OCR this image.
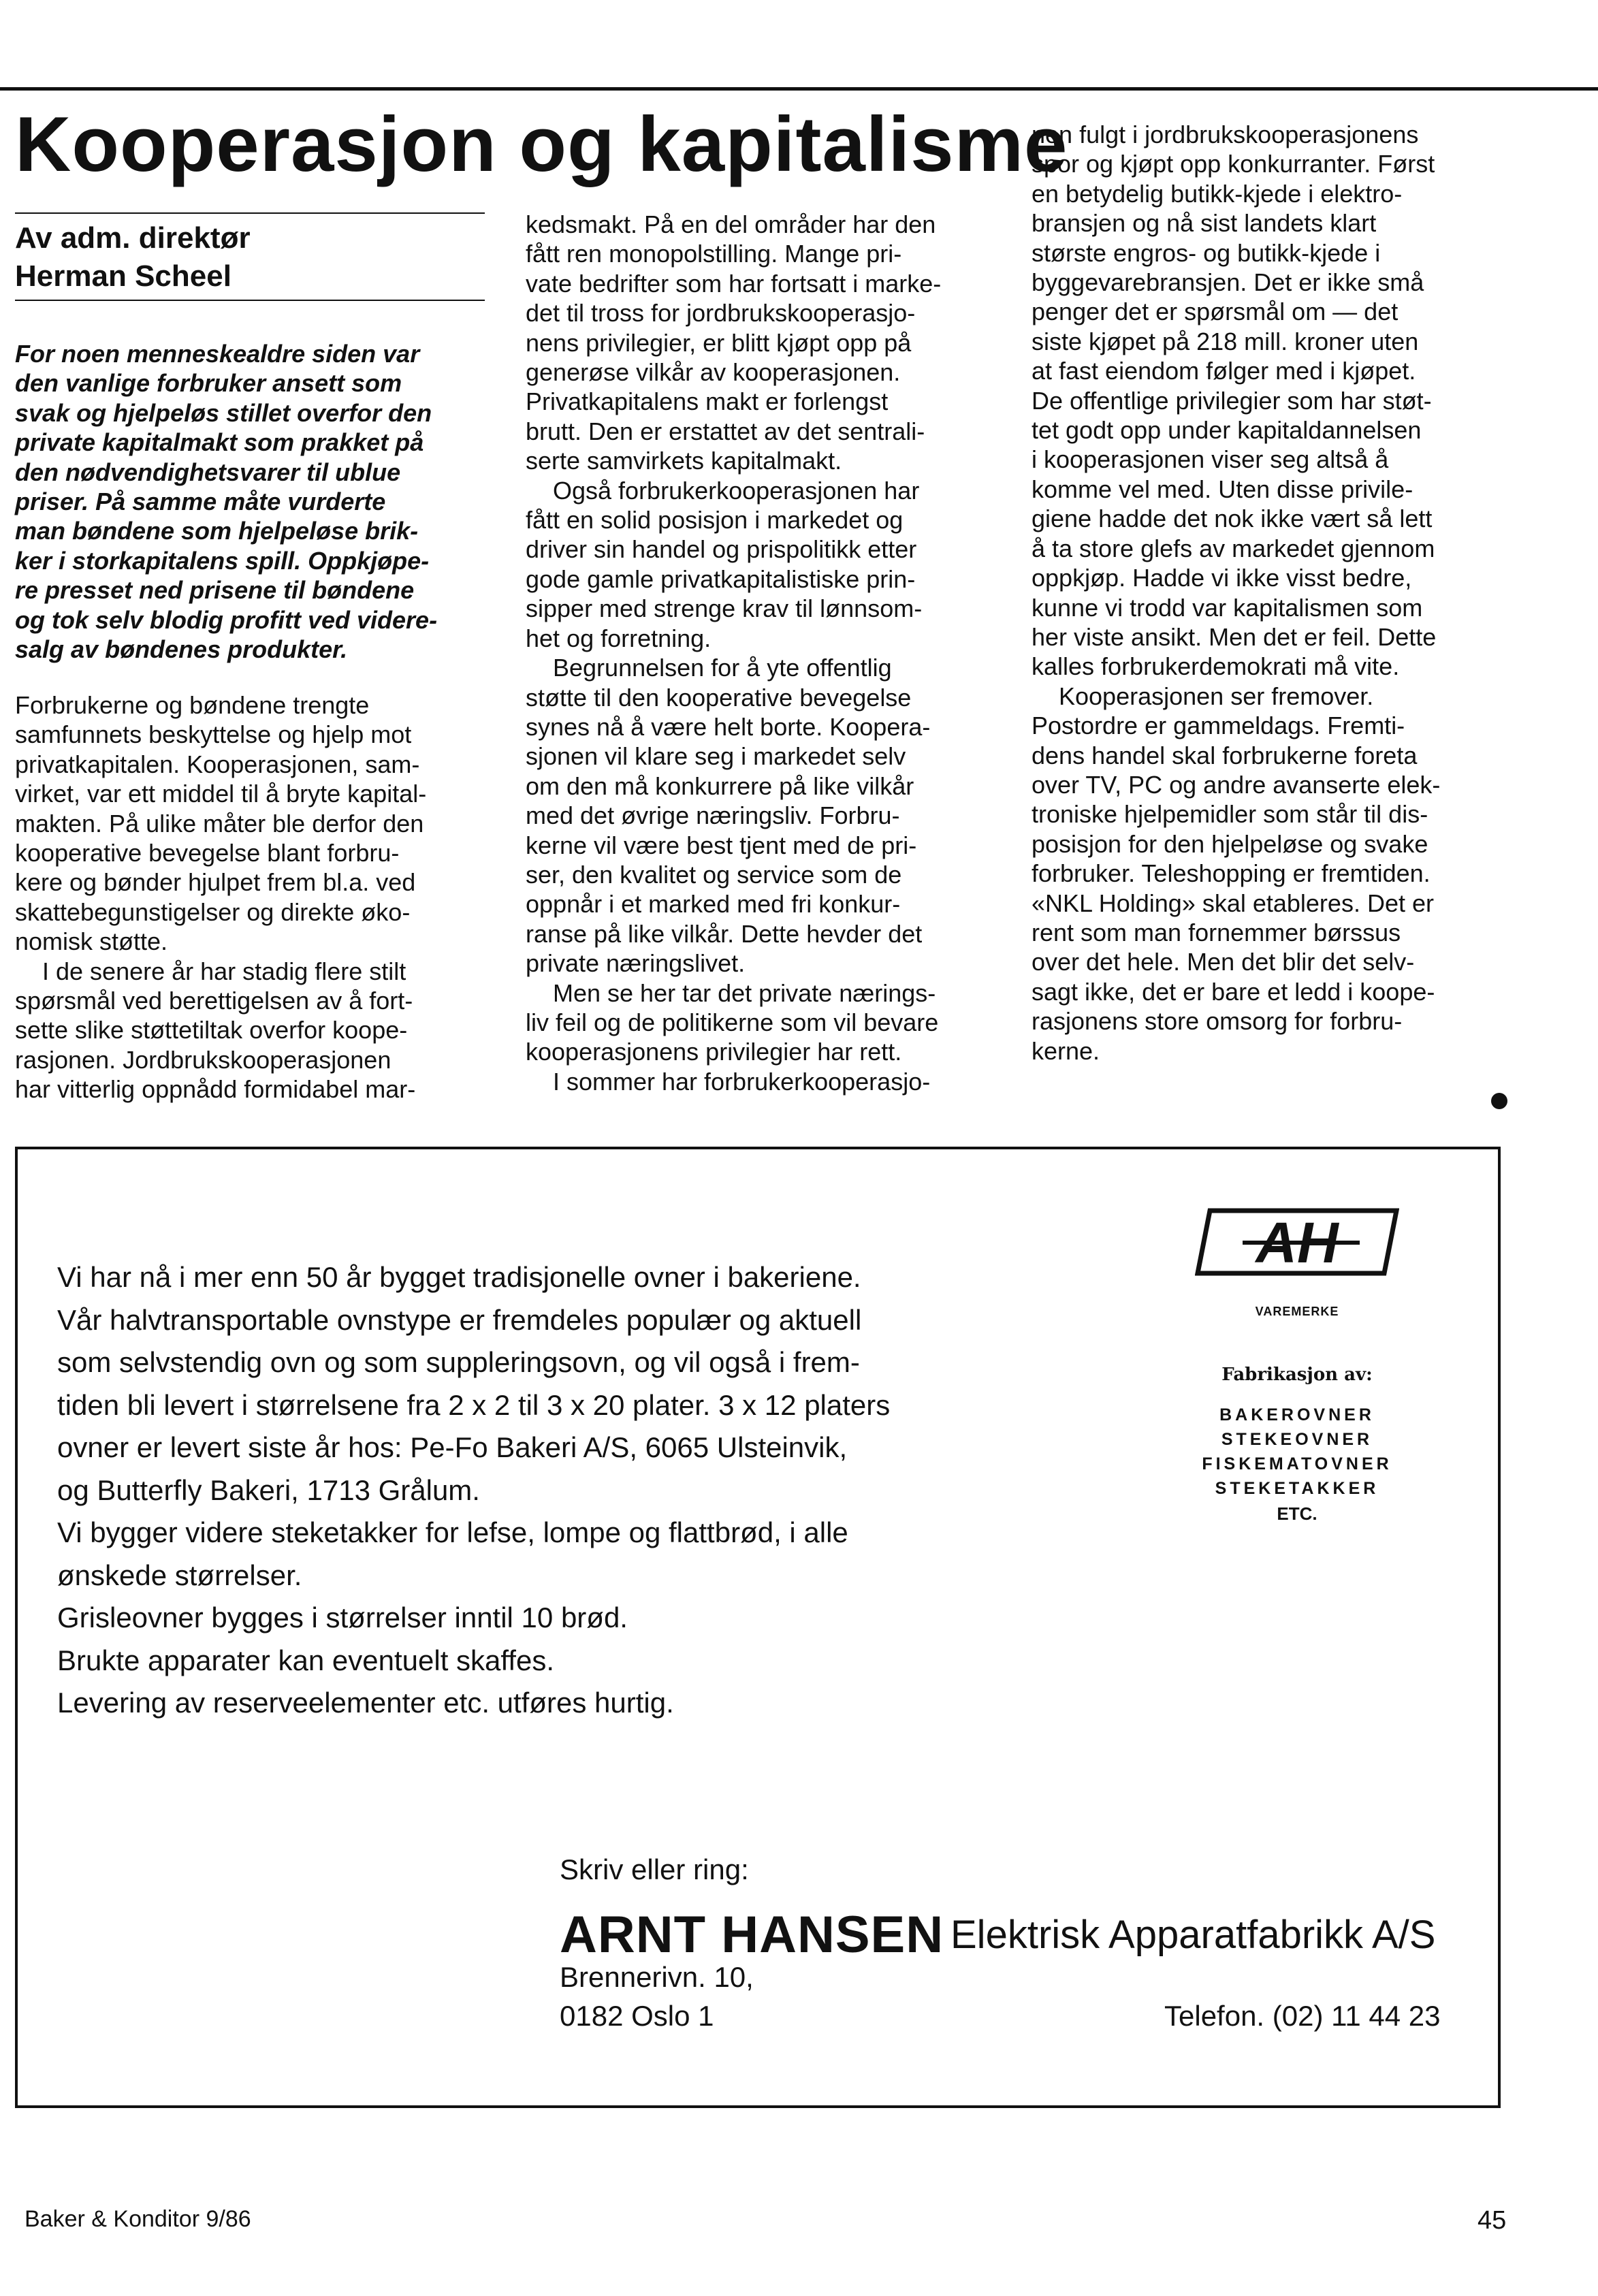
Kooperasjon og kapitalisme
Av adm. direktør
Herman Scheel
For noen menneskealdre siden var
den vanlige forbruker ansett som
svak og hjelpeløs stillet overfor den
private kapitalmakt som prakket på
den nødvendighetsvarer til ublue
priser. På samme måte vurderte
man bøndene som hjelpeløse brik-
ker i storkapitalens spill. Oppkjøpe-
re presset ned prisene til bøndene
og tok selv blodig profitt ved videre-
salg av bøndenes produkter.

Forbrukerne og bøndene trengte

samfunnets beskyttelse og hjelp mot

privatkapitalen. Kooperasjonen, sam-

virket, var ett middel til å bryte kapital-

makten. På ulike måter ble derfor den

kooperative bevegelse blant forbru-

kere og bønder hjulpet frem bl.a. ved

skattebegunstigelser og direkte øko-

nomisk støtte.

I de senere år har stadig flere stilt

spørsmål ved berettigelsen av å fort-

sette slike støttetiltak overfor koope-

rasjonen. Jordbrukskooperasjonen

har vitterlig oppnådd formidabel mar-

kedsmakt. På en del områder har den

fått ren monopolstilling. Mange pri-

vate bedrifter som har fortsatt i marke-

det til tross for jordbrukskooperasjo-

nens privilegier, er blitt kjøpt opp på

generøse vilkår av kooperasjonen.

Privatkapitalens makt er forlengst

brutt. Den er erstattet av det sentrali-

serte samvirkets kapitalmakt.

Også forbrukerkooperasjonen har

fått en solid posisjon i markedet og

driver sin handel og prispolitikk etter

gode gamle privatkapitalistiske prin-

sipper med strenge krav til lønnsom-

het og forretning.

Begrunnelsen for å yte offentlig

støtte til den kooperative bevegelse

synes nå å være helt borte. Koopera-

sjonen vil klare seg i markedet selv

om den må konkurrere på like vilkår

med det øvrige næringsliv. Forbru-

kerne vil være best tjent med de pri-

ser, den kvalitet og service som de

oppnår i et marked med fri konkur-

ranse på like vilkår. Dette hevder det

private næringslivet.

Men se her tar det private nærings-

liv feil og de politikerne som vil bevare

kooperasjonens privilegier har rett.

I sommer har forbrukerkooperasjo-

nen fulgt i jordbrukskooperasjonens

spor og kjøpt opp konkurranter. Først

en betydelig butikk-kjede i elektro-

bransjen og nå sist landets klart

største engros- og butikk-kjede i

byggevarebransjen. Det er ikke små

penger det er spørsmål om — det

siste kjøpet på 218 mill. kroner uten

at fast eiendom følger med i kjøpet.

De offentlige privilegier som har støt-

tet godt opp under kapitaldannelsen

i kooperasjonen viser seg altså å

komme vel med. Uten disse privile-

giene hadde det nok ikke vært så lett

å ta store glefs av markedet gjennom

oppkjøp. Hadde vi ikke visst bedre,

kunne vi trodd var kapitalismen som

her viste ansikt. Men det er feil. Dette

kalles forbrukerdemokrati må vite.

Kooperasjonen ser fremover.

Postordre er gammeldags. Fremti-

dens handel skal forbrukerne foreta

over TV, PC og andre avanserte elek-

troniske hjelpemidler som står til dis-

posisjon for den hjelpeløse og svake

forbruker. Teleshopping er fremtiden.

«NKL Holding» skal etableres. Det er

rent som man fornemmer børssus

over det hele. Men det blir det selv-

sagt ikke, det er bare et ledd i koope-

rasjonens store omsorg for forbru-

kerne.

Vi har nå i mer enn 50 år bygget tradisjonelle ovner i bakeriene.
Vår halvtransportable ovnstype er fremdeles populær og aktuell
som selvstendig ovn og som suppleringsovn, og vil også i frem-
tiden bli levert i størrelsene fra 2 x 2 til 3 x 20 plater. 3 x 12 platers
ovner er levert siste år hos: Pe-Fo Bakeri A/S, 6065 Ulsteinvik,
og Butterfly Bakeri, 1713 Grålum.
Vi bygger videre steketakker for lefse, lompe og flattbrød, i alle
ønskede størrelser.
Grisleovner bygges i størrelser inntil 10 brød.
Brukte apparater kan eventuelt skaffes.
Levering av reserveelementer etc. utføres hurtig.
AH
VAREMERKE
Fabrikasjon av:
BAKEROVNER
STEKEOVNER
FISKEMATOVNER
STEKETAKKER
ETC.
Skriv eller ring:
ARNT HANSEN Elektrisk Apparatfabrikk A/S
Brennerivn. 10,
0182 Oslo 1	Telefon. (02) 11 44 23
Baker & Konditor 9/86	45
